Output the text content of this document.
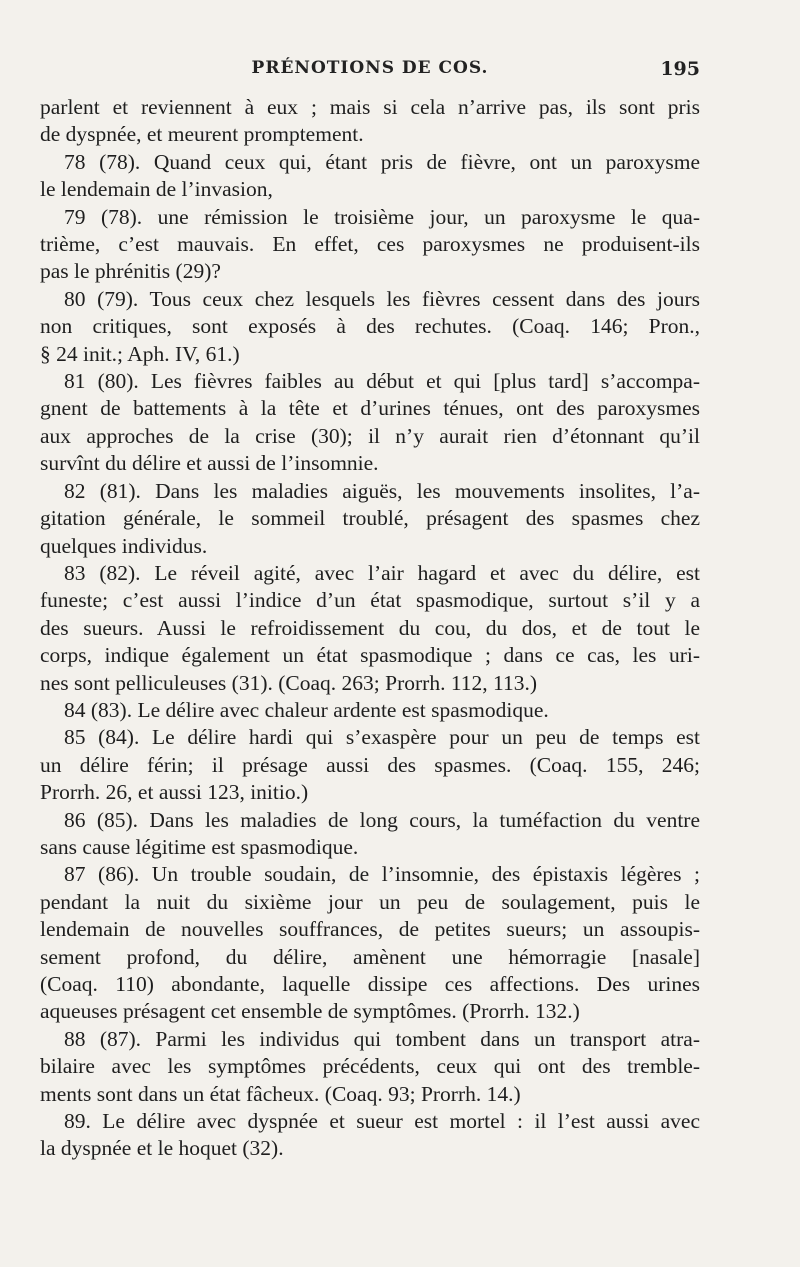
PRÉNOTIONS DE COS.	195
parlent et reviennent à eux ; mais si cela n’arrive pas, ils sont pris
de dyspnée, et meurent promptement.
78 (78). Quand ceux qui, étant pris de fièvre, ont un paroxysme
le lendemain de l’invasion,
79 (78). une rémission le troisième jour, un paroxysme le qua-
trième, c’est mauvais. En effet, ces paroxysmes ne produisent-ils
pas le phrénitis (29)?
80 (79). Tous ceux chez lesquels les fièvres cessent dans des jours
non critiques, sont exposés à des rechutes. (Coaq. 146; Pron.,
§ 24 init.; Aph. IV, 61.)
81 (80). Les fièvres faibles au début et qui [plus tard] s’accompa-
gnent de battements à la tête et d’urines ténues, ont des paroxysmes
aux approches de la crise (30); il n’y aurait rien d’étonnant qu’il
survînt du délire et aussi de l’insomnie.
82 (81). Dans les maladies aiguës, les mouvements insolites, l’a-
gitation générale, le sommeil troublé, présagent des spasmes chez
quelques individus.
83 (82). Le réveil agité, avec l’air hagard et avec du délire, est
funeste; c’est aussi l’indice d’un état spasmodique, surtout s’il y a
des sueurs. Aussi le refroidissement du cou, du dos, et de tout le
corps, indique également un état spasmodique ; dans ce cas, les uri-
nes sont pelliculeuses (31). (Coaq. 263; Prorrh. 112, 113.)
84 (83). Le délire avec chaleur ardente est spasmodique.
85 (84). Le délire hardi qui s’exaspère pour un peu de temps est
un délire férin; il présage aussi des spasmes. (Coaq. 155, 246;
Prorrh. 26, et aussi 123, initio.)
86 (85). Dans les maladies de long cours, la tuméfaction du ventre
sans cause légitime est spasmodique.
87 (86). Un trouble soudain, de l’insomnie, des épistaxis légères ;
pendant la nuit du sixième jour un peu de soulagement, puis le
lendemain de nouvelles souffrances, de petites sueurs; un assoupis-
sement profond, du délire, amènent une hémorragie [nasale]
(Coaq. 110) abondante, laquelle dissipe ces affections. Des urines
aqueuses présagent cet ensemble de symptômes. (Prorrh. 132.)
88 (87). Parmi les individus qui tombent dans un transport atra-
bilaire avec les symptômes précédents, ceux qui ont des tremble-
ments sont dans un état fâcheux. (Coaq. 93; Prorrh. 14.)
89. Le délire avec dyspnée et sueur est mortel : il l’est aussi avec
la dyspnée et le hoquet (32).
